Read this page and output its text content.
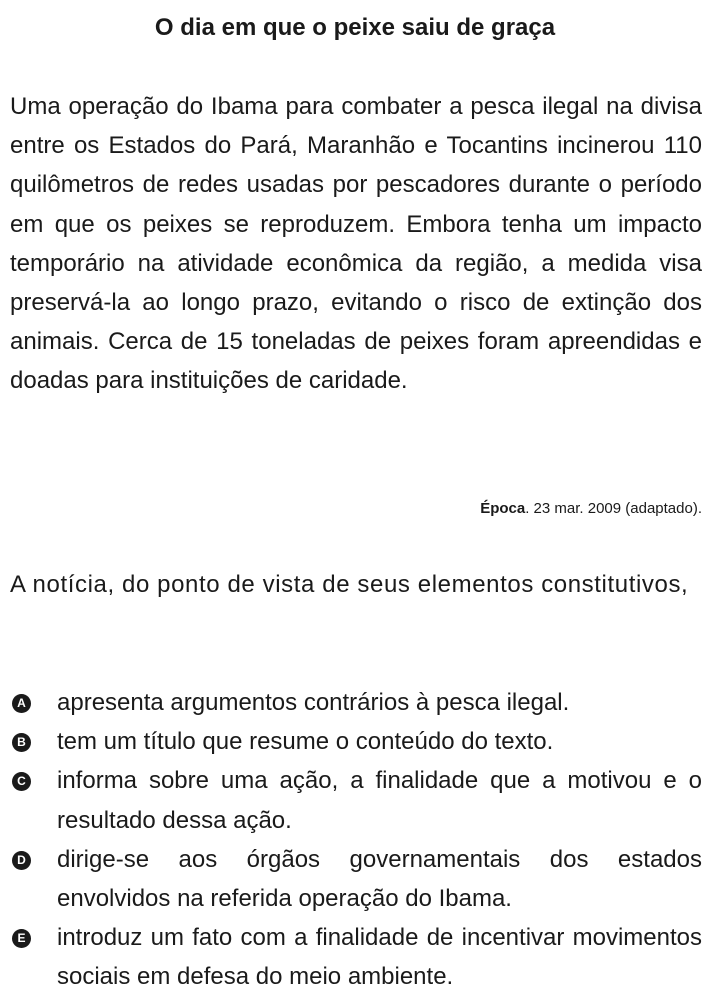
O dia em que o peixe saiu de graça

Uma operação do Ibama para combater a pesca ilegal na divisa entre os Estados do Pará, Maranhão e Tocantins incinerou 110 quilômetros de redes usadas por pescadores durante o período em que os peixes se reproduzem. Embora tenha um impacto temporário na atividade econômica da região, a medida visa preservá-la ao longo prazo, evitando o risco de extinção dos animais. Cerca de 15 toneladas de peixes foram apreendidas e doadas para instituições de caridade.

Época. 23 mar. 2009 (adaptado).

A notícia, do ponto de vista de seus elementos constitutivos,

A apresenta argumentos contrários à pesca ilegal.
B tem um título que resume o conteúdo do texto.
C informa sobre uma ação, a finalidade que a motivou e o resultado dessa ação.
D dirige-se aos órgãos governamentais dos estados envolvidos na referida operação do Ibama.
E introduz um fato com a finalidade de incentivar movimentos sociais em defesa do meio ambiente.
